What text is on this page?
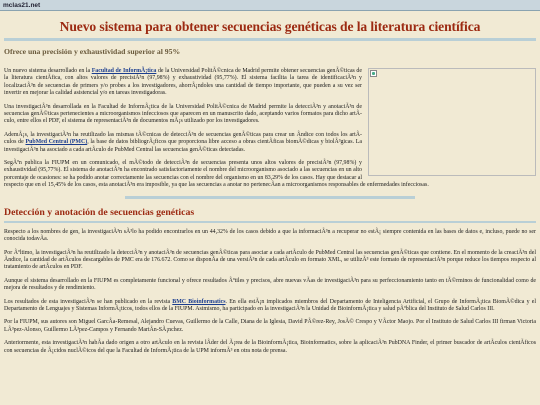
mclas21.net
Nuevo sistema para obtener secuencias genéticas de la literatura científica
Ofrece una precisión y exhaustividad superior al 95%

Un nuevo sistema desarrollado en la Facultad de InformÃ¡tica de la Universidad PolitÃ©cnica de Madrid permite obtener secuencias genÃ©ticas de la literatura cientÃfica, con altos valores de precisiÃ³n (97,98%) y exhaustividad (95,77%). El sistema facilita la tarea de identificaciÃ³n y localizaciÃ³n de secuencias de primers y/o probes a los investigadores, ahorrÃ¡ndoles una cantidad de tiempo importante, que pueden a su vez ser invertir en mejorar la calidad asistencial y/o en tareas investigadoras.

Una investigaciÃ³n desarrollada en la Facultad de InformÃ¡tica de la Universidad PolitÃ©cnica de Madrid permite la detecciÃ³n y anotaciÃ³n de secuencias genÃ©ticas pertenecientes a microorganismos infecciosos que aparecen en un manuscrito dado, aceptando varios formatos para dicho artÃculo, entre ellos el PDF, el sistema de representaciÃ³n de documentos mÃ¡s utilizado por los investigadores.

AdemÃ¡s, la investigaciÃ³n ha reutilizado las mismas tÃ©cnicas de detecciÃ³n de secuencias genÃ©ticas para crear un Ãndice con todos los artÃculos de PubMed Central (PMC), la base de datos bibliogrÃ¡ficos que proporciona libre acceso a obras cientÃficas biomÃ©dicas y biolÃ³gicas. La investigaciÃ³n ha asociado a cada artÃculo de PubMed Central las secuencias genÃ©ticas detectadas.

SegÃºn publica la FIUPM en un comunicado, el mÃ©todo de detecciÃ³n de secuencias presenta unos altos valores de precisiÃ³n (97,98%) y exhaustividad (95,77%). El sistema de anotaciÃ³n ha encontrado satisfactoriamente el nombre del microorganismo asociado a las secuencias en un alto porcentaje de ocasiones: se ha podido anotar correctamente las secuencias con el nombre del organismo en un 83,29% de los casos. Hay que destacar al respecto que en el 15,45% de los casos, esta anotaciÃ³n era imposible, ya que las secuencias a anotar no pertenecÃan a microorganismos responsables de enfermedades infecciosas.

Detección y anotación de secuencias genéticas

Respecto a los nombres de gen, la investigaciÃ³n sÃ³lo ha podido encontrarlos en un 44,32% de los casos debido a que la informaciÃ³n a recuperar no estÃ¡ siempre contenida en las bases de datos e, incluso, puede no ser conocida todavÃa.

Por Ãºltimo, la investigaciÃ³n ha reutilizado la detecciÃ³n y anotaciÃ³n de secuencias genÃ©ticas para asociar a cada artÃculo de PubMed Central las secuencias genÃ©ticas que contiene. En el momento de la creaciÃ³n del Ãndice, la cantidad de artÃculos descargables de PMC era de 176.672. Como se disponÃa de una versiÃ³n de cada artÃculo en formato XML, se utilizÃ³ este formato de representaciÃ³n porque reduce los tiempos respecto al tratamiento de artÃculos en PDF.

Aunque el sistema desarrollado en la FIUPM es completamente funcional y ofrece resultados Ãºtiles y precisos, abre nuevas vÃas de investigaciÃ³n para su perfeccionamiento tanto en tÃ©rminos de funcionalidad como de mejora de resultados y de rendimiento.

Los resultados de esta investigaciÃ³n se han publicado en la revista BMC Bioinformatics. En ella estÃ¡n implicados miembros del Departamento de Inteligencia Artificial, el Grupo de InformÃ¡tica BiomÃ©dica y el Departamento de Lenguajes y Sistemas InformÃ¡ticos, todos ellos de la FIUPM. Asimismo, ha participado en la investigaciÃ³n la Unidad de BioinformÃ¡tica y salud pÃºblica del Instituto de Salud Carlos III.

Por la FIUPM, sus autores son Miguel GarcÃa-Remesal, Alejandro Cuevas, Guillermo de la Calle, Diana de la Iglesia, David PÃ©rez-Rey, JosÃ© Crespo y VÃctor Maojo. Por el Instituto de Salud Carlos III firman Victoria LÃ³pez-Alonso, Guillermo LÃ³pez-Campos y Fernando MartÃn-SÃ¡nchez.

Anteriormente, esta investigaciÃ³n habÃa dado origen a otro artÃculo en la revista lÃder del Ã¡rea de la BioinformÃ¡tica, Bioinformatics, sobre la aplicaciÃ³n PubDNA Finder, el primer buscador de artÃculos cientÃficos con secuencias de Ã¡cidos nuclÃ©icos del que la Facultad de InformÃ¡tica de la UPM informÃ³ en otra nota de prensa.
